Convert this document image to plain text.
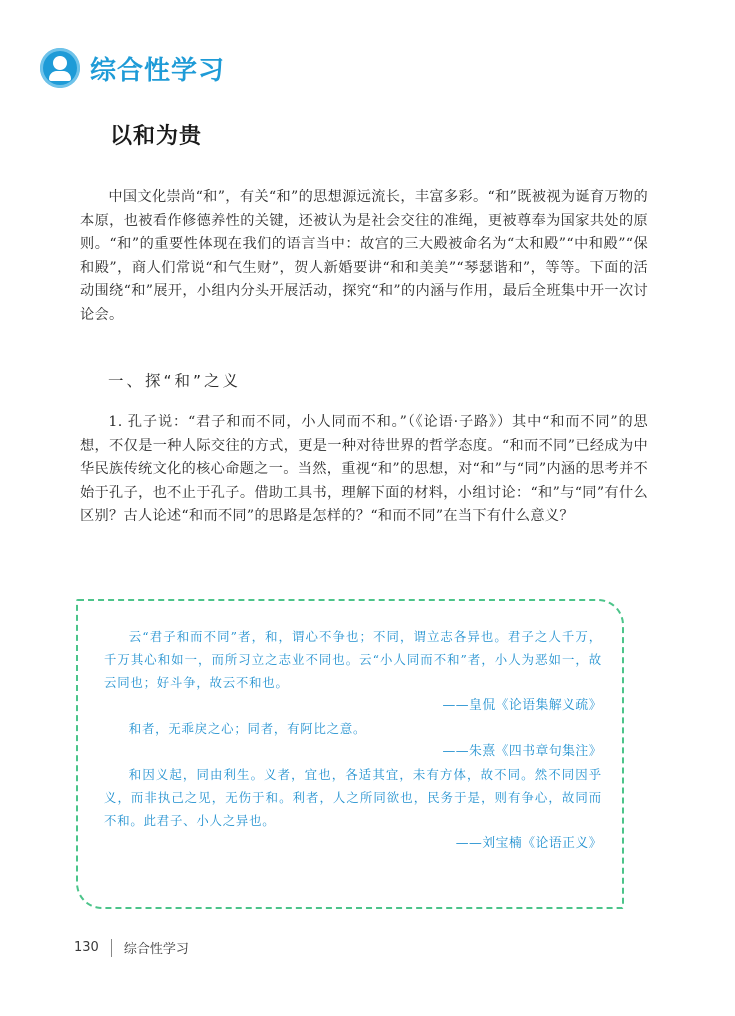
综合性学习
以和为贵

中国文化崇尚“和”，有关“和”的思想源远流长，丰富多彩。“和”既被视为诞育万物的本原，也被看作修德养性的关键，还被认为是社会交往的准绳，更被尊奉为国家共处的原则。“和”的重要性体现在我们的语言当中：故宫的三大殿被命名为“太和殿”“中和殿”“保和殿”，商人们常说“和气生财”，贺人新婚要讲“和和美美”“琴瑟谐和”，等等。下面的活动围绕“和”展开，小组内分头开展活动，探究“和”的内涵与作用，最后全班集中开一次讨论会。

一、探“和”之义

1. 孔子说：“君子和而不同，小人同而不和。”（《论语·子路》）其中“和而不同”的思想，不仅是一种人际交往的方式，更是一种对待世界的哲学态度。“和而不同”已经成为中华民族传统文化的核心命题之一。当然，重视“和”的思想，对“和”与“同”内涵的思考并不始于孔子，也不止于孔子。借助工具书，理解下面的材料，小组讨论：“和”与“同”有什么区别？古人论述“和而不同”的思路是怎样的？“和而不同”在当下有什么意义？

云“君子和而不同”者，和，谓心不争也；不同，谓立志各异也。君子之人千万，千万其心和如一，而所习立之志业不同也。云“小人同而不和”者，小人为恶如一，故云同也；好斗争，故云不和也。

——皇侃《论语集解义疏》

和者，无乖戾之心；同者，有阿比之意。

——朱熹《四书章句集注》

和因义起，同由利生。义者，宜也，各适其宜，未有方体，故不同。然不同因乎义，而非执己之见，无伤于和。利者，人之所同欲也，民务于是，则有争心，故同而不和。此君子、小人之异也。

——刘宝楠《论语正义》

130 综合性学习
